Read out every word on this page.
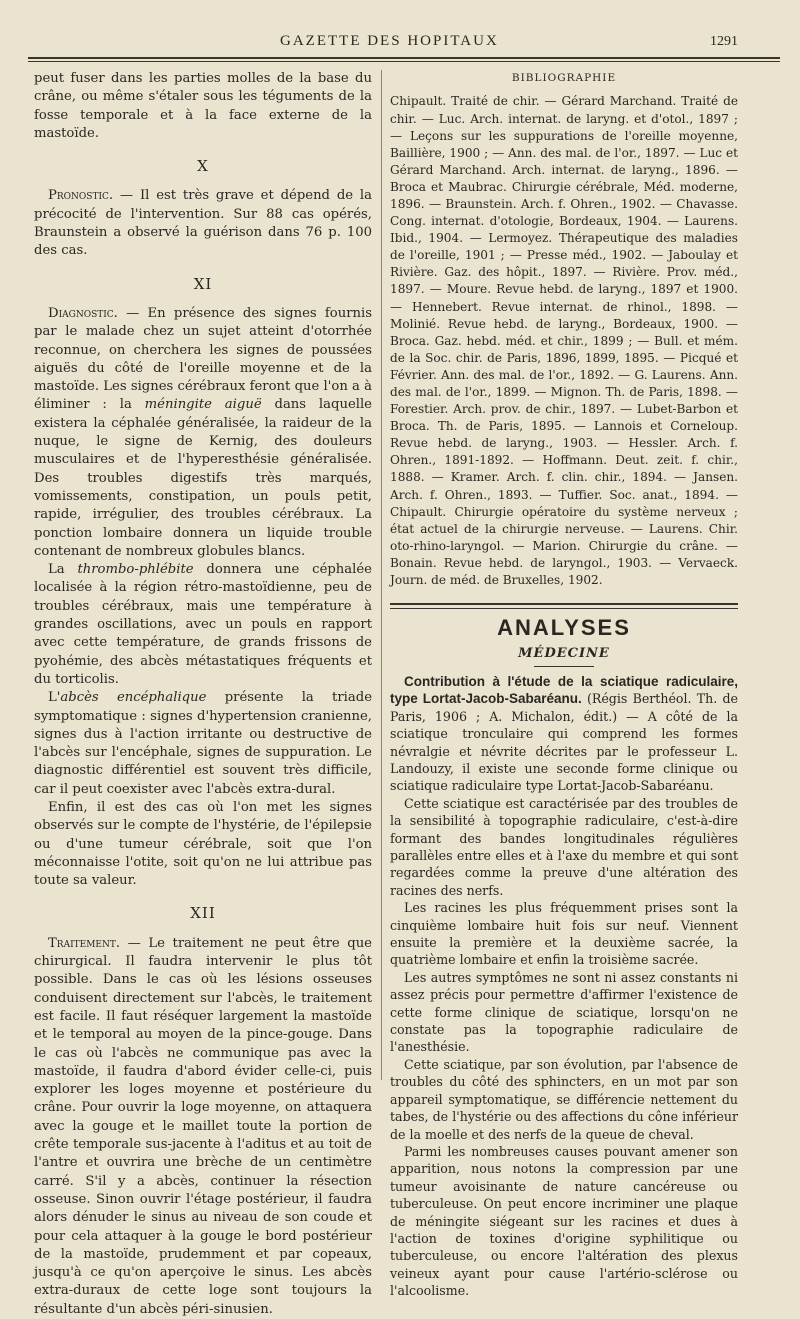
GAZETTE DES HOPITAUX	1291

peut fuser dans les parties molles de la base du crâne, ou même s'étaler sous les téguments de la fosse temporale et à la face externe de la mastoïde.

X

Pronostic. — Il est très grave et dépend de la précocité de l'intervention. Sur 88 cas opérés, Braunstein a observé la guérison dans 76 p. 100 des cas.

XI

Diagnostic. — En présence des signes fournis par le malade chez un sujet atteint d'otorrhée reconnue, on cherchera les signes de poussées aiguës du côté de l'oreille moyenne et de la mastoïde. Les signes cérébraux feront que l'on a à éliminer : la méningite aiguë dans laquelle existera la céphalée généralisée, la raideur de la nuque, le signe de Kernig, des douleurs musculaires et de l'hyperesthésie généralisée. Des troubles digestifs très marqués, vomissements, constipation, un pouls petit, rapide, irrégulier, des troubles cérébraux. La ponction lombaire donnera un liquide trouble contenant de nombreux globules blancs.

La thrombo-phlébite donnera une céphalée localisée à la région rétro-mastoïdienne, peu de troubles cérébraux, mais une température à grandes oscillations, avec un pouls en rapport avec cette température, de grands frissons de pyohémie, des abcès métastatiques fréquents et du torticolis.

L'abcès encéphalique présente la triade symptomatique : signes d'hypertension cranienne, signes dus à l'action irritante ou destructive de l'abcès sur l'encéphale, signes de suppuration. Le diagnostic différentiel est souvent très difficile, car il peut coexister avec l'abcès extra-dural.

Enfin, il est des cas où l'on met les signes observés sur le compte de l'hystérie, de l'épilepsie ou d'une tumeur cérébrale, soit que l'on méconnaisse l'otite, soit qu'on ne lui attribue pas toute sa valeur.

XII

Traitement. — Le traitement ne peut être que chirurgical. Il faudra intervenir le plus tôt possible. Dans le cas où les lésions osseuses conduisent directement sur l'abcès, le traitement est facile. Il faut réséquer largement la mastoïde et le temporal au moyen de la pince-gouge. Dans le cas où l'abcès ne communique pas avec la mastoïde, il faudra d'abord évider celle-ci, puis explorer les loges moyenne et postérieure du crâne. Pour ouvrir la loge moyenne, on attaquera avec la gouge et le maillet toute la portion de crête temporale sus-jacente à l'aditus et au toit de l'antre et ouvrira une brèche de un centimètre carré. S'il y a abcès, continuer la résection osseuse. Sinon ouvrir l'étage postérieur, il faudra alors dénuder le sinus au niveau de son coude et pour cela attaquer à la gouge le bord postérieur de la mastoïde, prudemment et par copeaux, jusqu'à ce qu'on aperçoive le sinus. Les abcès extra-duraux de cette loge sont toujours la résultante d'un abcès péri-sinusien.

BIBLIOGRAPHIE
Chipault. Traité de chir. — Gérard Marchand. Traité de chir. — Luc. Arch. internat. de laryng. et d'otol., 1897 ; — Leçons sur les suppurations de l'oreille moyenne, Baillière, 1900 ; — Ann. des mal. de l'or., 1897. — Luc et Gérard Marchand. Arch. internat. de laryng., 1896. — Broca et Maubrac. Chirurgie cérébrale, Méd. moderne, 1896. — Braunstein. Arch. f. Ohren., 1902. — Chavasse. Cong. internat. d'otologie, Bordeaux, 1904. — Laurens. Ibid., 1904. — Lermoyez. Thérapeutique des maladies de l'oreille, 1901 ; — Presse méd., 1902. — Jaboulay et Rivière. Gaz. des hôpit., 1897. — Rivière. Prov. méd., 1897. — Moure. Revue hebd. de laryng., 1897 et 1900. — Hennebert. Revue internat. de rhinol., 1898. — Molinié. Revue hebd. de laryng., Bordeaux, 1900. — Broca. Gaz. hebd. méd. et chir., 1899 ; — Bull. et mém. de la Soc. chir. de Paris, 1896, 1899, 1895. — Picqué et Février. Ann. des mal. de l'or., 1892. — G. Laurens. Ann. des mal. de l'or., 1899. — Mignon. Th. de Paris, 1898. — Forestier. Arch. prov. de chir., 1897. — Lubet-Barbon et Broca. Th. de Paris, 1895. — Lannois et Corneloup. Revue hebd. de laryng., 1903. — Hessler. Arch. f. Ohren., 1891-1892. — Hoffmann. Deut. zeit. f. chir., 1888. — Kramer. Arch. f. clin. chir., 1894. — Jansen. Arch. f. Ohren., 1893. — Tuffier. Soc. anat., 1894. — Chipault. Chirurgie opératoire du système nerveux ; état actuel de la chirurgie nerveuse. — Laurens. Chir. oto-rhino-laryngol. — Marion. Chirurgie du crâne. — Bonain. Revue hebd. de laryngol., 1903. — Vervaeck. Journ. de méd. de Bruxelles, 1902.
ANALYSES
MÉDECINE

Contribution à l'étude de la sciatique radiculaire, type Lortat-Jacob-Sabaréanu. (Régis Berthéol. Th. de Paris, 1906 ; A. Michalon, édit.) — A côté de la sciatique tronculaire qui comprend les formes névralgie et névrite décrites par le professeur L. Landouzy, il existe une seconde forme clinique ou sciatique radiculaire type Lortat-Jacob-Sabaréanu.

Cette sciatique est caractérisée par des troubles de la sensibilité à topographie radiculaire, c'est-à-dire formant des bandes longitudinales régulières parallèles entre elles et à l'axe du membre et qui sont regardées comme la preuve d'une altération des racines des nerfs.

Les racines les plus fréquemment prises sont la cinquième lombaire huit fois sur neuf. Viennent ensuite la première et la deuxième sacrée, la quatrième lombaire et enfin la troisième sacrée.

Les autres symptômes ne sont ni assez constants ni assez précis pour permettre d'affirmer l'existence de cette forme clinique de sciatique, lorsqu'on ne constate pas la topographie radiculaire de l'anesthésie.

Cette sciatique, par son évolution, par l'absence de troubles du côté des sphincters, en un mot par son appareil symptomatique, se différencie nettement du tabes, de l'hystérie ou des affections du cône inférieur de la moelle et des nerfs de la queue de cheval.

Parmi les nombreuses causes pouvant amener son apparition, nous notons la compression par une tumeur avoisinante de nature cancéreuse ou tuberculeuse. On peut encore incriminer une plaque de méningite siégeant sur les racines et dues à l'action de toxines d'origine syphilitique ou tuberculeuse, ou encore l'altération des plexus veineux ayant pour cause l'artério-sclérose ou l'alcoolisme.
